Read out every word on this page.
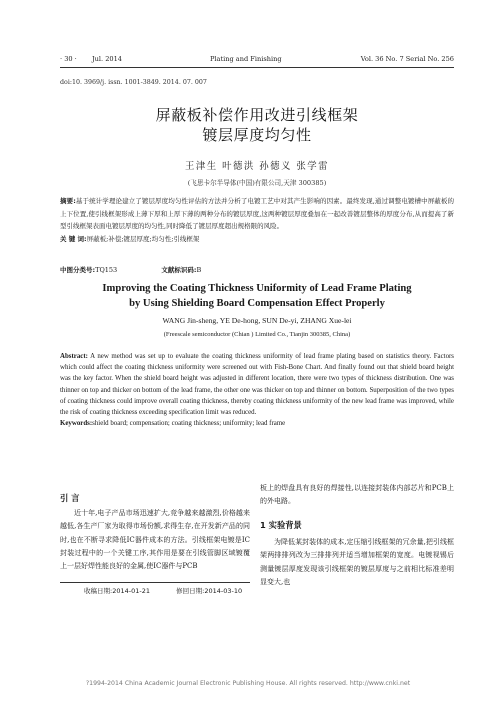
· 30 · Jul. 2014	Plating and Finishing	Vol. 36 No. 7 Serial No. 256
doi:10. 3969/j. issn. 1001-3849. 2014. 07. 007
屏蔽板补偿作用改进引线框架
镀层厚度均匀性
王津生 叶德洪 孙德义 张学雷
(飞思卡尔半导体(中国)有限公司,天津 300385)
摘要:基于统计学理论建立了镀层厚度均匀性评估的方法并分析了电镀工艺中对其产生影响的因素。最终发现,通过调整电镀槽中屏蔽板的上下位置,使引线框架形成上薄下厚和上厚下薄的两种分布的镀层厚度,这两种镀层厚度叠加在一起改善镀层整体的厚度分布,从而提高了新型引线框架表面电镀层厚度的均匀性,同时降低了镀层厚度超出规格限的风险。
关 键 词:屏蔽板;补偿;镀层厚度;均匀性;引线框架
中图分类号:TQ153	文献标识码:B
Improving the Coating Thickness Uniformity of Lead Frame Plating
by Using Shielding Board Compensation Effect Properly
WANG Jin-sheng, YE De-hong, SUN De-yi, ZHANG Xue-lei
(Freescale semiconductor (Chian ) Limited Co., Tianjin 300385, China)
Abstract: A new method was set up to evaluate the coating thickness uniformity of lead frame plating based on statistics theory. Factors which could affect the coating thickness uniformity were screened out with Fish-Bone Chart. And finally found out that shield board height was the key factor. When the shield board height was adjusted in different location, there were two types of thickness distribution. One was thinner on top and thicker on bottom of the lead frame, the other one was thicker on top and thinner on bottom. Superposition of the two types of coating thickness could improve overall coating thickness, thereby coating thickness uniformity of the new lead frame was improved, while the risk of coating thickness exceeding specification limit was reduced.
Keywords:shield board; compensation; coating thickness; uniformity; lead frame
引 言
近十年,电子产品市场迅速扩大,竞争越来越激烈,价格越来越低,各生产厂家为取得市场份额,求得生存,在开发新产品的同时,也在不断寻求降低IC器件成本的方法。引线框架电镀是IC封装过程中的一个关键工序,其作用是要在引线管脚区域镀覆上一层好焊性能良好的金属,使IC器件与PCB
板上的焊盘具有良好的焊接性,以连接封装体内部芯片和PCB上的外电路。
1 实验背景
为降低某封装体的成本,定压缩引线框架的冗余量,把引线框架两排排列改为三排排列并适当增加框架的宽度。电镀视锡后测量镀层厚度发现该引线框架的镀层厚度与之前相比标准差明显变大,也
收稿日期:2014-01-21	修回日期:2014-03-10
?1994-2014 China Academic Journal Electronic Publishing House. All rights reserved. http://www.cnki.net
